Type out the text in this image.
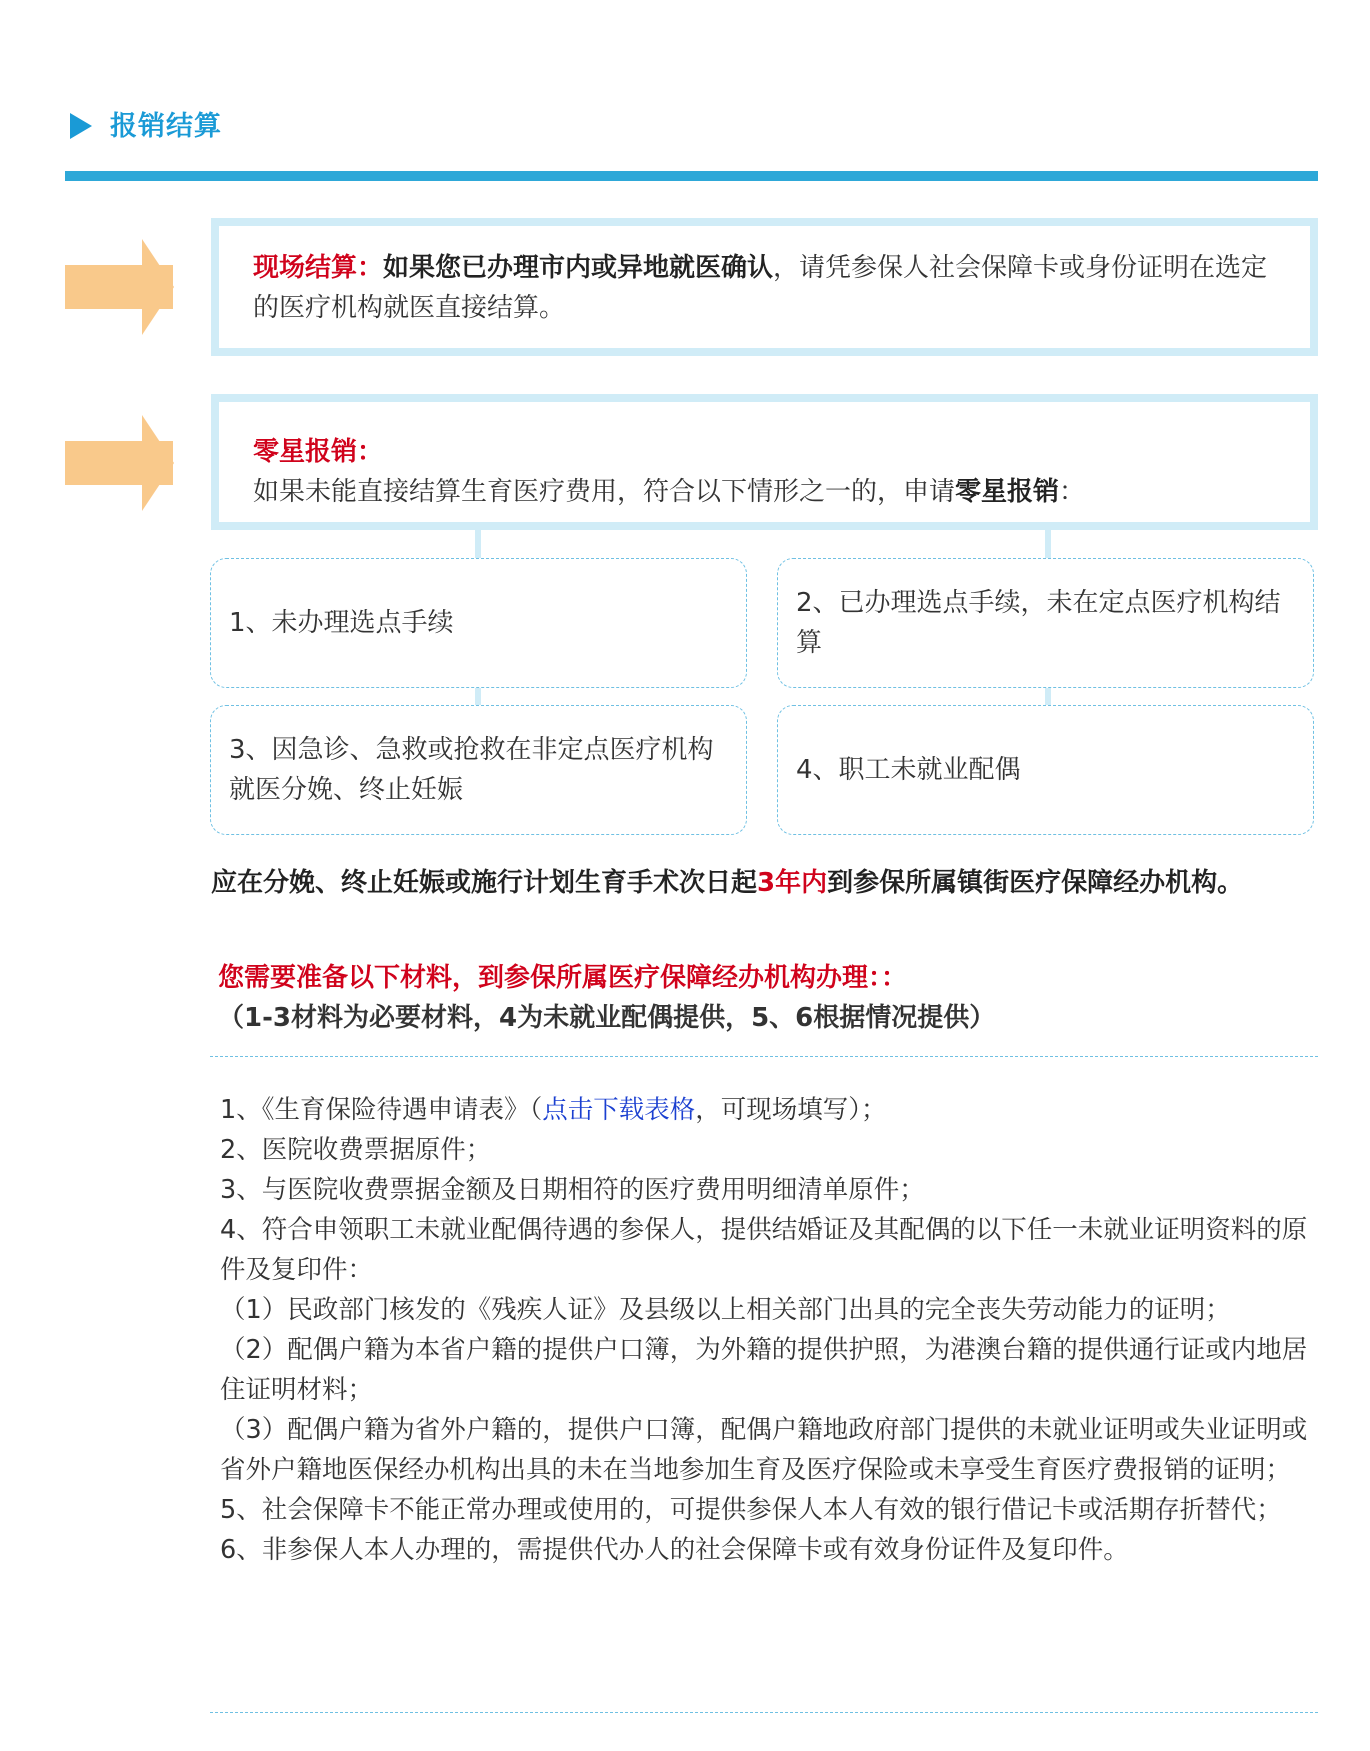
报销结算
现场结算：如果您已办理市内或异地就医确认，请凭参保人社会保障卡或身份证明在选定的医疗机构就医直接结算。
零星报销：
如果未能直接结算生育医疗费用，符合以下情形之一的，申请零星报销：
1、未办理选点手续
2、已办理选点手续，未在定点医疗机构结算
3、因急诊、急救或抢救在非定点医疗机构就医分娩、终止妊娠
4、职工未就业配偶
应在分娩、终止妊娠或施行计划生育手术次日起3年内到参保所属镇街医疗保障经办机构。
您需要准备以下材料，到参保所属医疗保障经办机构办理：：
（1-3材料为必要材料，4为未就业配偶提供，5、6根据情况提供）

1、《生育保险待遇申请表》（点击下载表格，可现场填写）；

2、医院收费票据原件；

3、与医院收费票据金额及日期相符的医疗费用明细清单原件；

4、符合申领职工未就业配偶待遇的参保人，提供结婚证及其配偶的以下任一未就业证明资料的原件及复印件：

（1）民政部门核发的《残疾人证》及县级以上相关部门出具的完全丧失劳动能力的证明；

（2）配偶户籍为本省户籍的提供户口簿，为外籍的提供护照，为港澳台籍的提供通行证或内地居住证明材料；

（3）配偶户籍为省外户籍的，提供户口簿，配偶户籍地政府部门提供的未就业证明或失业证明或省外户籍地医保经办机构出具的未在当地参加生育及医疗保险或未享受生育医疗费报销的证明；

5、社会保障卡不能正常办理或使用的，可提供参保人本人有效的银行借记卡或活期存折替代；

6、非参保人本人办理的，需提供代办人的社会保障卡或有效身份证件及复印件。
